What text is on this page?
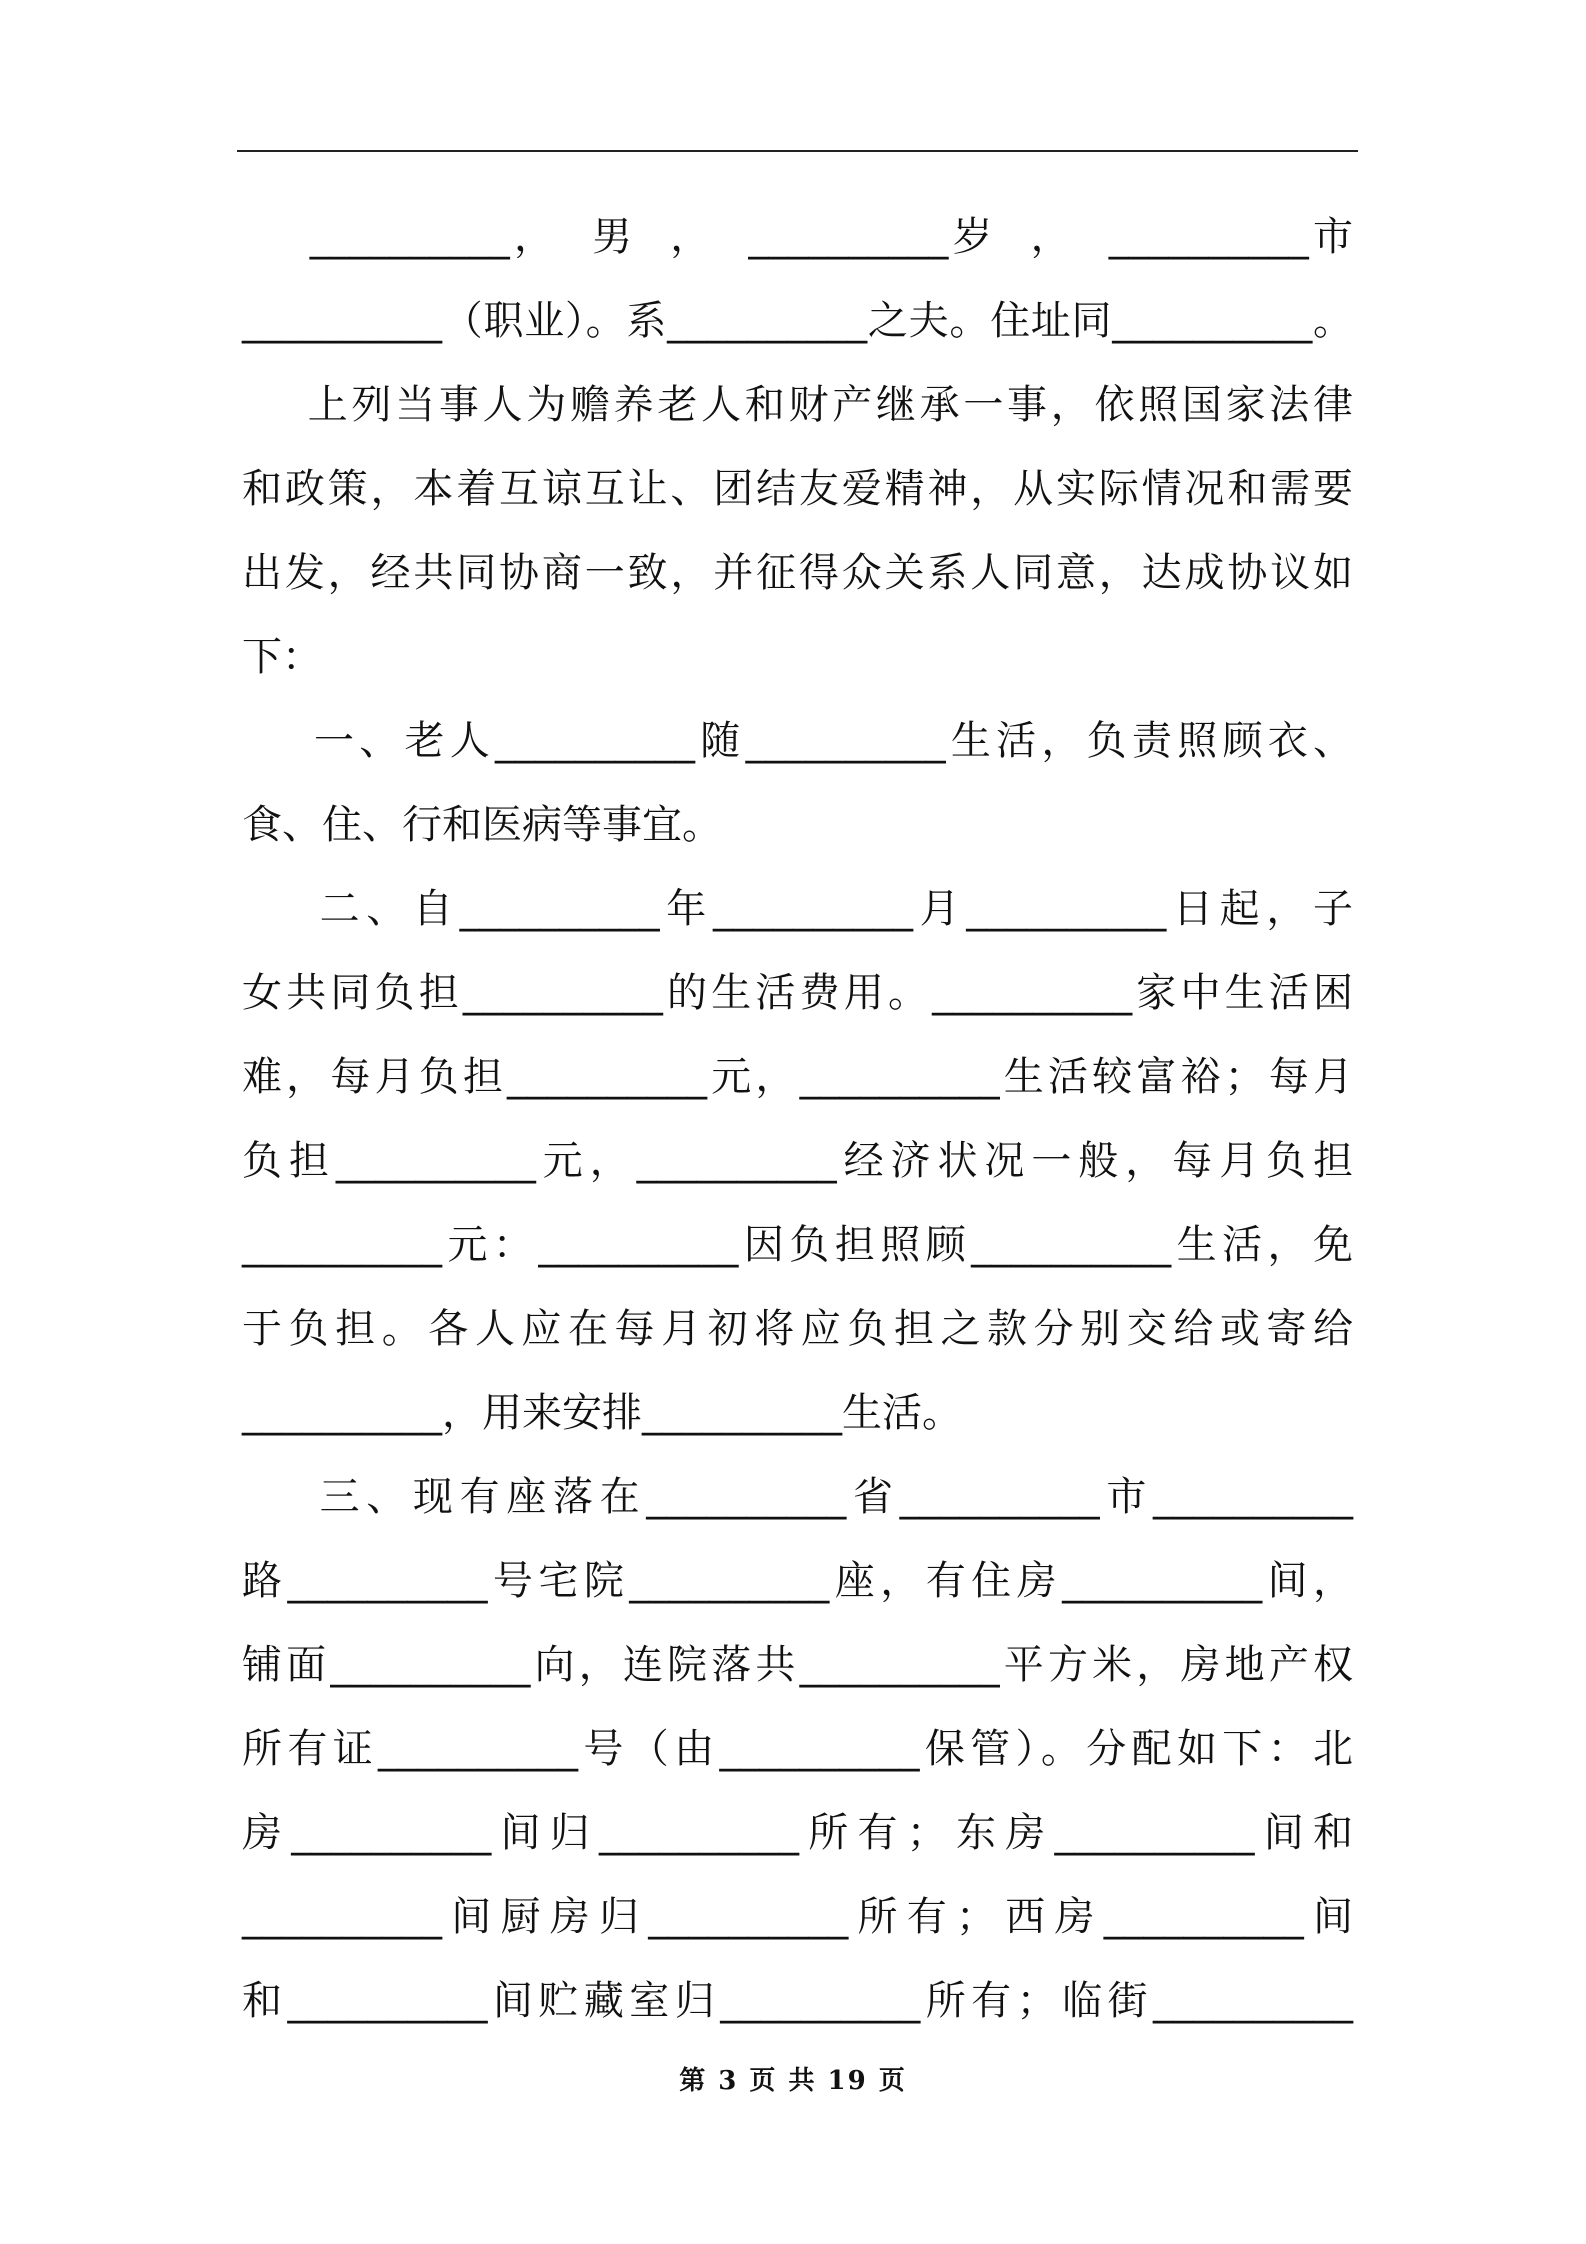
__________，  男  ，  __________岁  ，  __________市
__________（职业）。系__________之夫。住址同__________。
上列当事人为赡养老人和财产继承一事，依照国家法律
和政策，本着互谅互让、团结友爱精神，从实际情况和需要
出发，经共同协商一致，并征得众关系人同意，达成协议如
下：
一、老人__________随__________生活，负责照顾衣、
食、住、行和医病等事宜。
二、自__________年__________月__________日起，子
女共同负担__________的生活费用。__________家中生活困
难，每月负担__________元，__________生活较富裕；每月
负担__________元，__________经济状况一般，每月负担
__________元：__________因负担照顾__________生活，免
于负担。各人应在每月初将应负担之款分别交给或寄给
__________，用来安排__________生活。
三、现有座落在__________省__________市__________
路__________号宅院__________座，有住房__________间，
铺面__________向，连院落共__________平方米，房地产权
所有证__________号（由__________保管）。分配如下：北
房__________间归__________所有；东房__________间和
__________间厨房归__________所有；西房__________间
和__________间贮藏室归__________所有；临街__________
第 3 页 共 19 页
